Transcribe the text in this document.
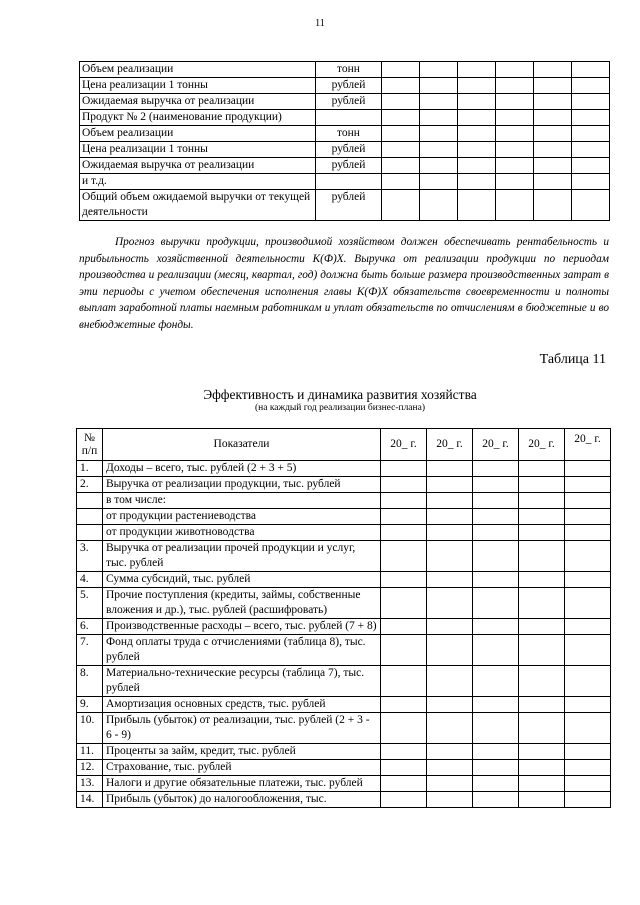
11
Объем реализации	тонн						
Цена реализации 1 тонны	рублей						
Ожидаемая выручка от реализации	рублей						
Продукт № 2 (наименование продукции)							
Объем реализации	тонн						
Цена реализации 1 тонны	рублей						
Ожидаемая выручка от реализации	рублей						
и т.д.							
Общий объем ожидаемой выручки от текущей деятельности	рублей						

Прогноз выручки продукции, производимой хозяйством должен обеспечивать рентабельность и прибыльность хозяйственной деятельности К(Ф)Х. Выручка от реализации продукции по периодам производства и реализации (месяц, квартал, год) должна быть больше размера производственных затрат в эти периоды с учетом обеспечения исполнения главы К(Ф)Х обязательств своевременности и полноты выплат заработной платы наемным работникам и уплат обязательств по отчислениям в бюджетные и во внебюджетные фонды.

Таблица 11
Эффективность и динамика развития хозяйства
(на каждый год реализации бизнес-плана)
№ п/п	Показатели	20_ г.	20_ г.	20_ г.	20_ г.	20_ г.
1.	Доходы – всего, тыс. рублей (2 + 3 + 5)					
2.	Выручка от реализации продукции, тыс. рублей					
	в том числе:					
	от продукции растениеводства					
	от продукции животноводства					
3.	Выручка от реализации прочей продукции и услуг, тыс. рублей					
4.	Сумма субсидий, тыс. рублей					
5.	Прочие поступления (кредиты, займы, собственные вложения и др.), тыс. рублей (расшифровать)					
6.	Производственные расходы – всего, тыс. рублей (7 + 8)					
7.	Фонд оплаты труда с отчислениями (таблица 8), тыс. рублей					
8.	Материально-технические ресурсы (таблица 7), тыс. рублей					
9.	Амортизация основных средств, тыс. рублей					
10.	Прибыль (убыток) от реализации, тыс. рублей (2 + 3 - 6 - 9)					
11.	Проценты за займ, кредит, тыс. рублей					
12.	Страхование, тыс. рублей					
13.	Налоги и другие обязательные платежи, тыс. рублей					
14.	Прибыль (убыток) до налогообложения, тыс.					
